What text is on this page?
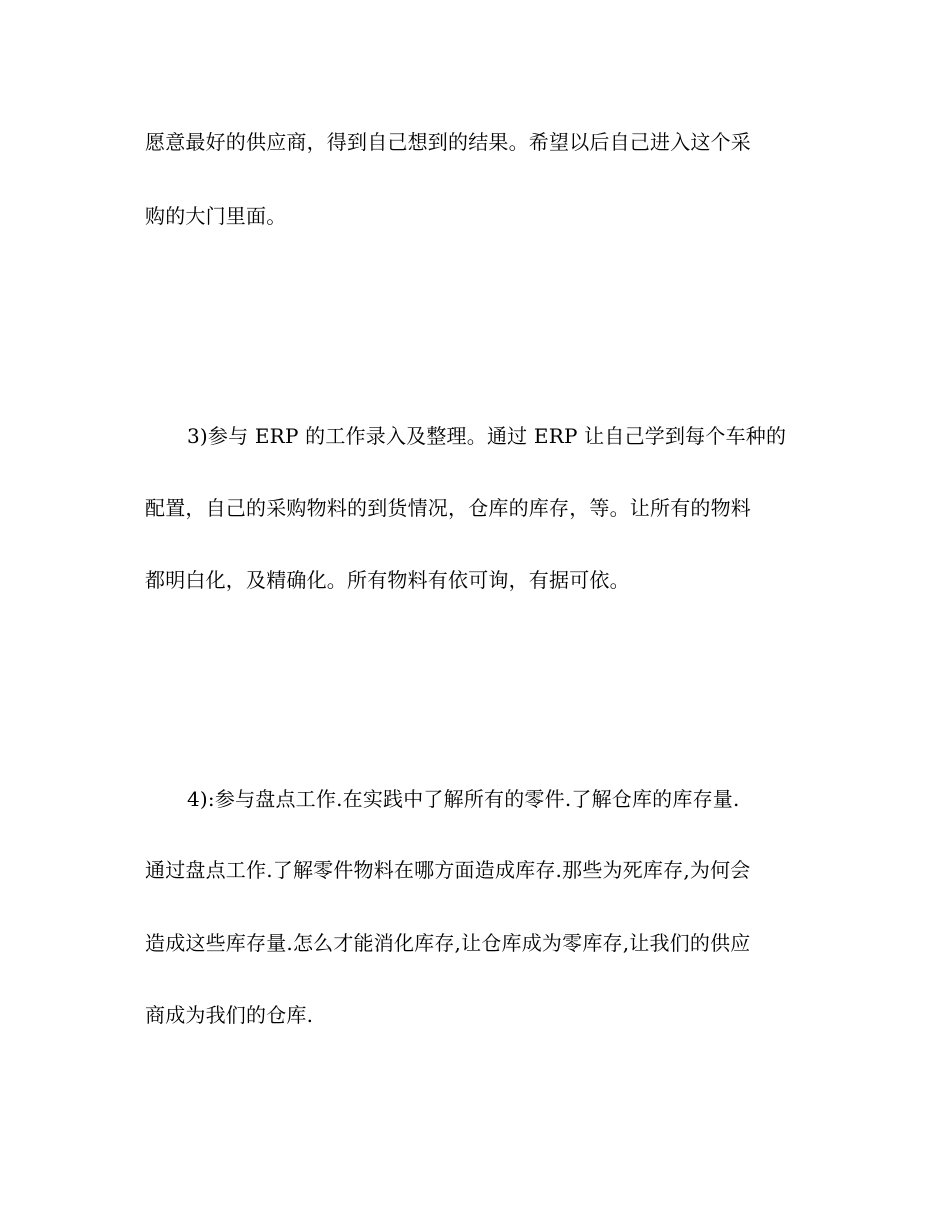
愿意最好的供应商，得到自己想到的结果。希望以后自己进入这个采
购的大门里面。
3)参与 ERP 的工作录入及整理。通过 ERP 让自己学到每个车种的
配置，自己的采购物料的到货情况，仓库的库存，等。让所有的物料
都明白化，及精确化。所有物料有依可询，有据可依。
4):参与盘点工作.在实践中了解所有的零件.了解仓库的库存量.
通过盘点工作.了解零件物料在哪方面造成库存.那些为死库存,为何会
造成这些库存量.怎么才能消化库存,让仓库成为零库存,让我们的供应
商成为我们的仓库.
